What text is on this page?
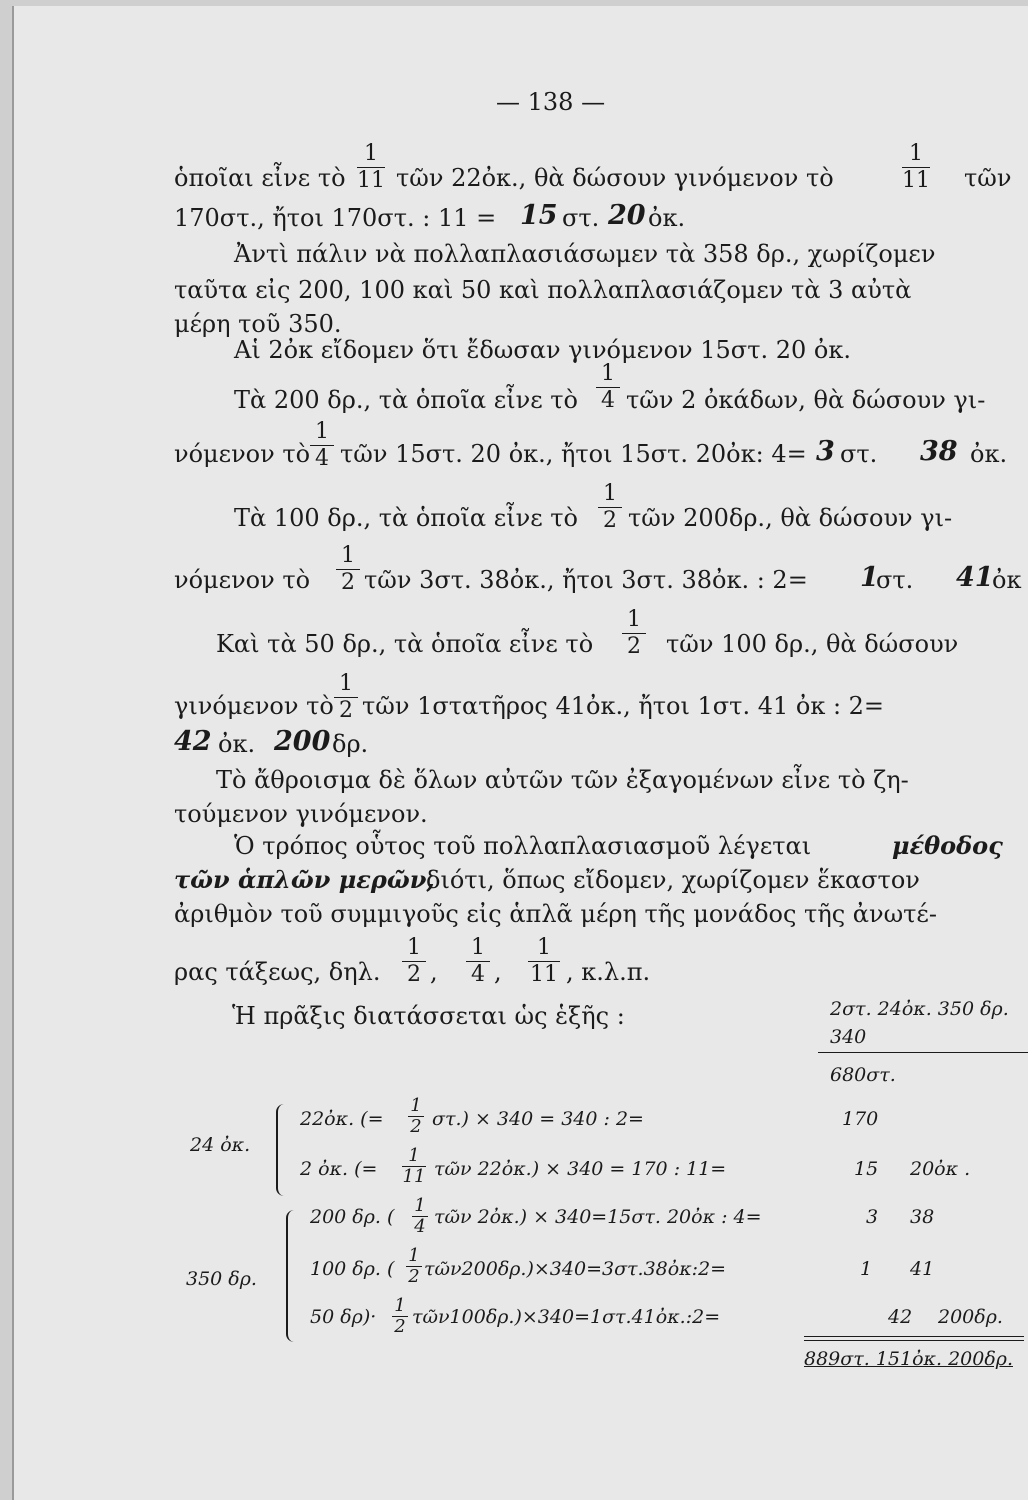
— 138 —
ὁποῖαι εἶνε τὸ
1
11 τῶν 22ὀκ., θὰ δώσουν γινόμενον τὸ
1
11 τῶν
170στ., ἤτοι 170στ. : 11 = 15 στ. 20 ὀκ.
Ἀντὶ πάλιν νὰ πολλαπλασιάσωμεν τὰ 358 δρ., χωρίζομεν
ταῦτα εἰς 200, 100 καὶ 50 καὶ πολλαπλασιάζομεν τὰ 3 αὐτὰ
μέρη τοῦ 350.
Αἱ 2ὀκ εἴδομεν ὅτι ἔδωσαν γινόμενον 15στ. 20 ὀκ.
Τὰ 200 δρ., τὰ ὁποῖα εἶνε τὸ
1
4 τῶν 2 ὀκάδων, θὰ δώσουν γι-
νόμενον τὸ
1
4 τῶν 15στ. 20 ὀκ., ἤτοι 15στ. 20ὀκ: 4= 3 στ. 38 ὀκ.
Τὰ 100 δρ., τὰ ὁποῖα εἶνε τὸ
1
2 τῶν 200δρ., θὰ δώσουν γι-
νόμενον τὸ
1
2 τῶν 3στ. 38ὀκ., ἤτοι 3στ. 38ὀκ. : 2= 1
στ. 41
ὀκ
Καὶ τὰ 50 δρ., τὰ ὁποῖα εἶνε τὸ
1
2 τῶν 100 δρ., θὰ δώσουν
γινόμενον τὸ
1
2 τῶν 1στατῆρος 41ὀκ., ἤτοι 1στ. 41 ὀκ : 2=
42 ὀκ. 200 δρ.
Τὸ ἄθροισμα δὲ ὅλων αὐτῶν τῶν ἐξαγομένων εἶνε τὸ ζη-
τούμενον γινόμενον.
Ὁ τρόπος οὗτος τοῦ πολλαπλασιασμοῦ λέγεται	μέθοδος
τῶν ἁπλῶν μερῶν,
διότι, ὅπως εἴδομεν, χωρίζομεν ἕκαστον
ἀριθμὸν τοῦ συμμιγοῦς εἰς ἁπλᾶ μέρη τῆς μονάδος τῆς ἀνωτέ-
ρας τάξεως, δηλ.
1
2 ,
1
4 ,
1
11 , κ.λ.π.
Ἡ πρᾶξις διατάσσεται ὡς ἑξῆς :	2στ. 24ὀκ. 350 δρ.
340
680στ.
24 ὀκ.
22ὀκ. (=
1
2 στ.) × 340 = 340 : 2=	170
2 ὀκ. (=
1
11 τῶν 22ὀκ.) × 340 = 170 : 11=	15 20ὀκ .
350 δρ.
200 δρ. (
1
4 τῶν 2ὀκ.) × 340=15στ. 20ὀκ : 4=	3 38
100 δρ. (
1
2 τῶν200δρ.)×340=3στ.38ὀκ:2=	1 41
50 δρ)·
1
2 τῶν100δρ.)×340=1στ.41ὀκ.:2=	42 200δρ.
889στ. 151ὀκ. 200δρ.
